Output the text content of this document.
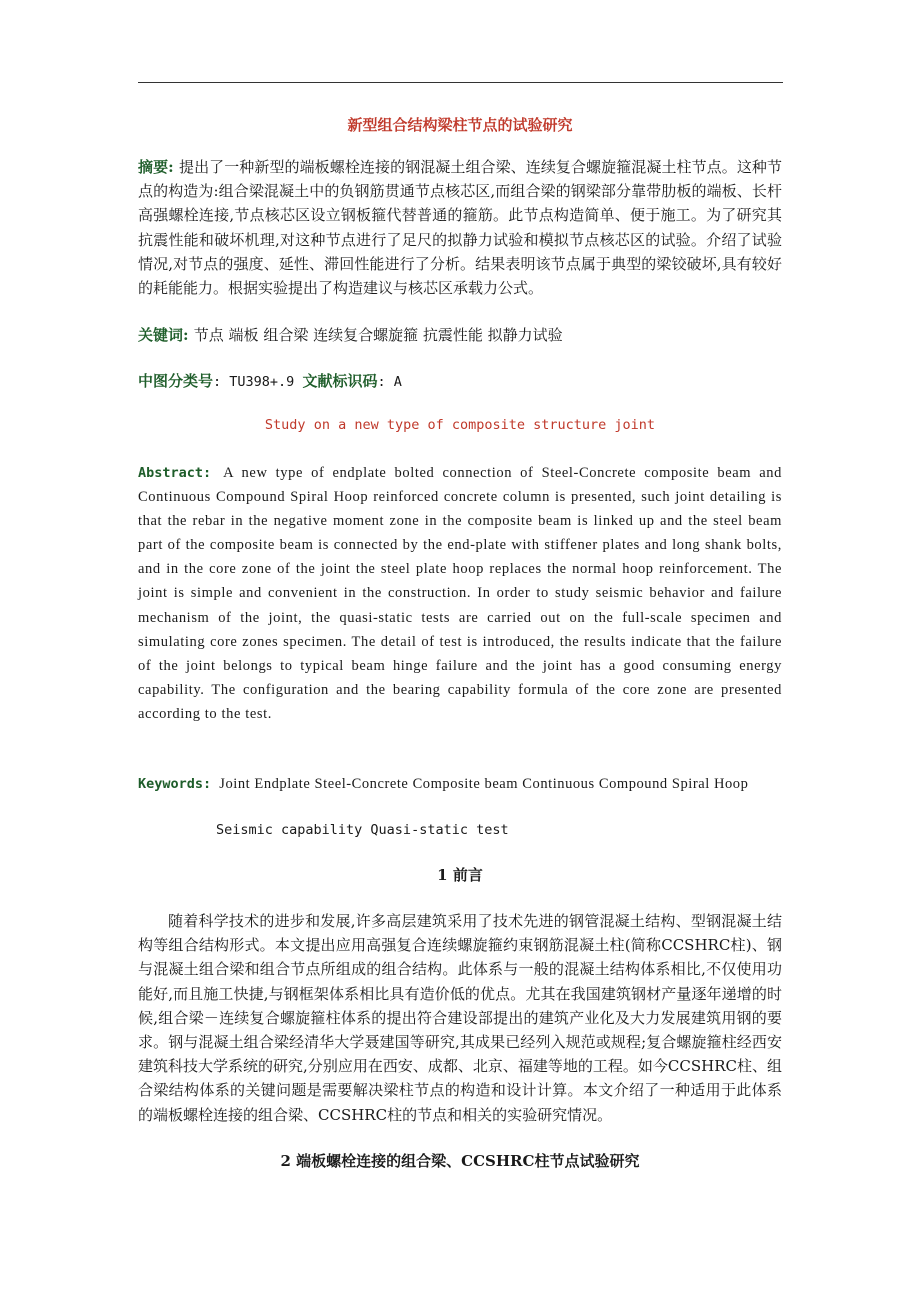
新型组合结构梁柱节点的试验研究
摘要: 提出了一种新型的端板螺栓连接的钢混凝土组合梁、连续复合螺旋箍混凝土柱节点。这种节点的构造为:组合梁混凝土中的负钢筋贯通节点核芯区,而组合梁的钢梁部分靠带肋板的端板、长杆高强螺栓连接,节点核芯区设立钢板箍代替普通的箍筋。此节点构造简单、便于施工。为了研究其抗震性能和破坏机理,对这种节点进行了足尺的拟静力试验和模拟节点核芯区的试验。介绍了试验情况,对节点的强度、延性、滞回性能进行了分析。结果表明该节点属于典型的梁铰破坏,具有较好的耗能能力。根据实验提出了构造建议与核芯区承载力公式。
关键词: 节点 端板 组合梁 连续复合螺旋箍 抗震性能 拟静力试验
中图分类号: TU398+.9 文献标识码: A
Study on a new type of composite structure joint
Abstract: A new type of endplate bolted connection of Steel-Concrete composite beam and Continuous Compound Spiral Hoop reinforced concrete column is presented, such joint detailing is that the rebar in the negative moment zone in the composite beam is linked up and the steel beam part of the composite beam is connected by the end-plate with stiffener plates and long shank bolts, and in the core zone of the joint the steel plate hoop replaces the normal hoop reinforcement. The joint is simple and convenient in the construction. In order to study seismic behavior and failure mechanism of the joint, the quasi-static tests are carried out on the full-scale specimen and simulating core zones specimen. The detail of test is introduced, the results indicate that the failure of the joint belongs to typical beam hinge failure and the joint has a good consuming energy capability. The configuration and the bearing capability formula of the core zone are presented according to the test.
Keywords: Joint Endplate Steel-Concrete Composite beam Continuous Compound Spiral Hoop
Seismic capability Quasi-static test
1 前言
随着科学技术的进步和发展,许多高层建筑采用了技术先进的钢管混凝土结构、型钢混凝土结构等组合结构形式。本文提出应用高强复合连续螺旋箍约束钢筋混凝土柱(简称CCSHRC柱)、钢与混凝土组合梁和组合节点所组成的组合结构。此体系与一般的混凝土结构体系相比,不仅使用功能好,而且施工快捷,与钢框架体系相比具有造价低的优点。尤其在我国建筑钢材产量逐年递增的时候,组合梁－连续复合螺旋箍柱体系的提出符合建设部提出的建筑产业化及大力发展建筑用钢的要求。钢与混凝土组合梁经清华大学聂建国等研究,其成果已经列入规范或规程;复合螺旋箍柱经西安建筑科技大学系统的研究,分别应用在西安、成都、北京、福建等地的工程。如今CCSHRC柱、组合梁结构体系的关键问题是需要解决梁柱节点的构造和设计计算。本文介绍了一种适用于此体系的端板螺栓连接的组合梁、CCSHRC柱的节点和相关的实验研究情况。
2 端板螺栓连接的组合梁、CCSHRC柱节点试验研究
